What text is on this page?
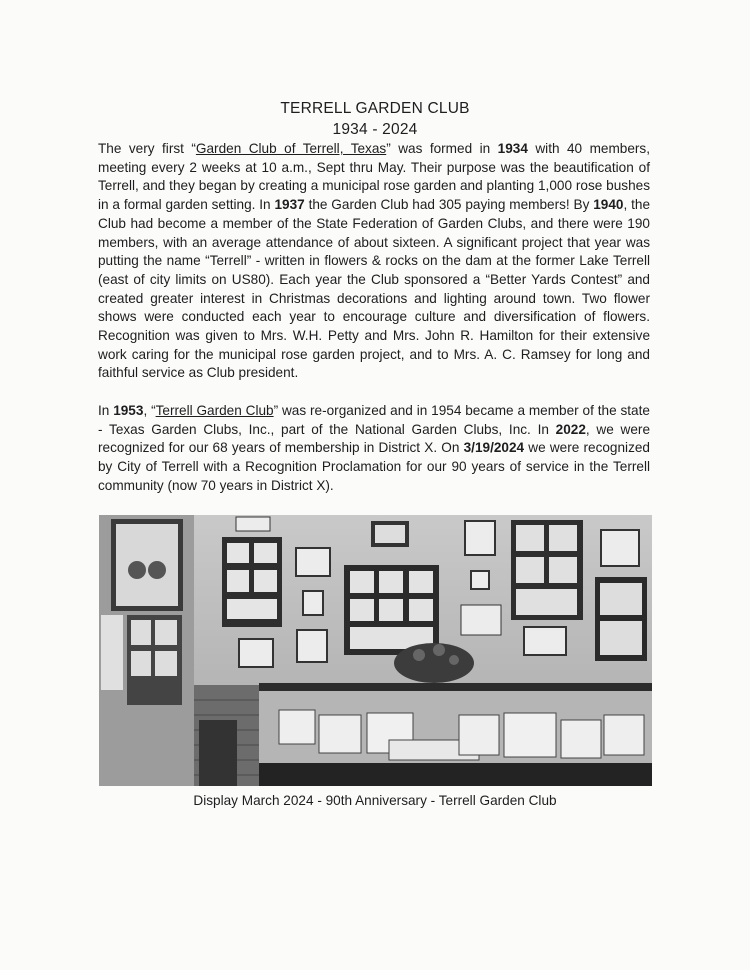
TERRELL GARDEN CLUB
1934 - 2024
The very first “Garden Club of Terrell, Texas” was formed in 1934 with 40 members, meeting every 2 weeks at 10 a.m., Sept thru May. Their purpose was the beautification of Terrell, and they began by creating a municipal rose garden and planting 1,000 rose bushes in a formal garden setting. In 1937 the Garden Club had 305 paying members! By 1940, the Club had become a member of the State Federation of Garden Clubs, and there were 190 members, with an average attendance of about sixteen. A significant project that year was putting the name “Terrell” - written in flowers & rocks on the dam at the former Lake Terrell (east of city limits on US80). Each year the Club sponsored a “Better Yards Contest” and created greater interest in Christmas decorations and lighting around town. Two flower shows were conducted each year to encourage culture and diversification of flowers. Recognition was given to Mrs. W.H. Petty and Mrs. John R. Hamilton for their extensive work caring for the municipal rose garden project, and to Mrs. A. C. Ramsey for long and faithful service as Club president.
In 1953, “Terrell Garden Club” was re-organized and in 1954 became a member of the state - Texas Garden Clubs, Inc., part of the National Garden Clubs, Inc. In 2022, we were recognized for our 68 years of membership in District X. On 3/19/2024 we were recognized by City of Terrell with a Recognition Proclamation for our 90 years of service in the Terrell community (now 70 years in District X).
Display March 2024 - 90th Anniversary - Terrell Garden Club
